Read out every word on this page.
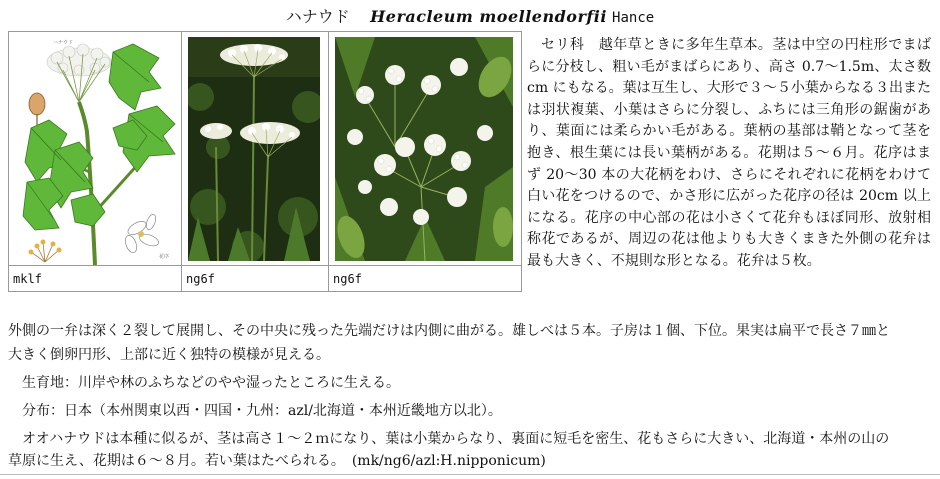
ハナウド Heracleum moellendorfii Hance
ハナウド
花序

mklf	ng6f	ng6f
セリ科　越年草ときに多年生草本。茎は中空の円柱形でまばらに分枝し、粗い毛がまばらにあり、高さ 0.7〜1.5m、太さ数 cm にもなる。葉は互生し、大形で３〜５小葉からなる３出または羽状複葉、小葉はさらに分裂し、ふちには三角形の鋸歯があり、葉面には柔らかい毛がある。葉柄の基部は鞘となって茎を抱き、根生葉には長い葉柄がある。花期は５〜６月。花序はまず 20〜30 本の大花柄をわけ、さらにそれぞれに花柄をわけて白い花をつけるので、かさ形に広がった花序の径は 20cm 以上になる。花序の中心部の花は小さくて花弁もほぼ同形、放射相称花であるが、周辺の花は他よりも大きくまきた外側の花弁は最も大きく、不規則な形となる。花弁は５枚。
外側の一弁は深く２裂して展開し、その中央に残った先端だけは内側に曲がる。雄しべは５本。子房は１個、下位。果実は扁平で長さ７㎜と
大きく倒卵円形、上部に近く独特の模様が見える。
生育地：川岸や林のふちなどのやや湿ったところに生える。
分布：日本（本州関東以西・四国・九州：azl/北海道・本州近畿地方以北）。
オオハナウドは本種に似るが、茎は高さ１〜２ｍになり、葉は小葉からなり、裏面に短毛を密生、花もさらに大きい、北海道・本州の山の
草原に生え、花期は６〜８月。若い葉はたべられる。　(mk/ng6/azl:H.nipponicum)
